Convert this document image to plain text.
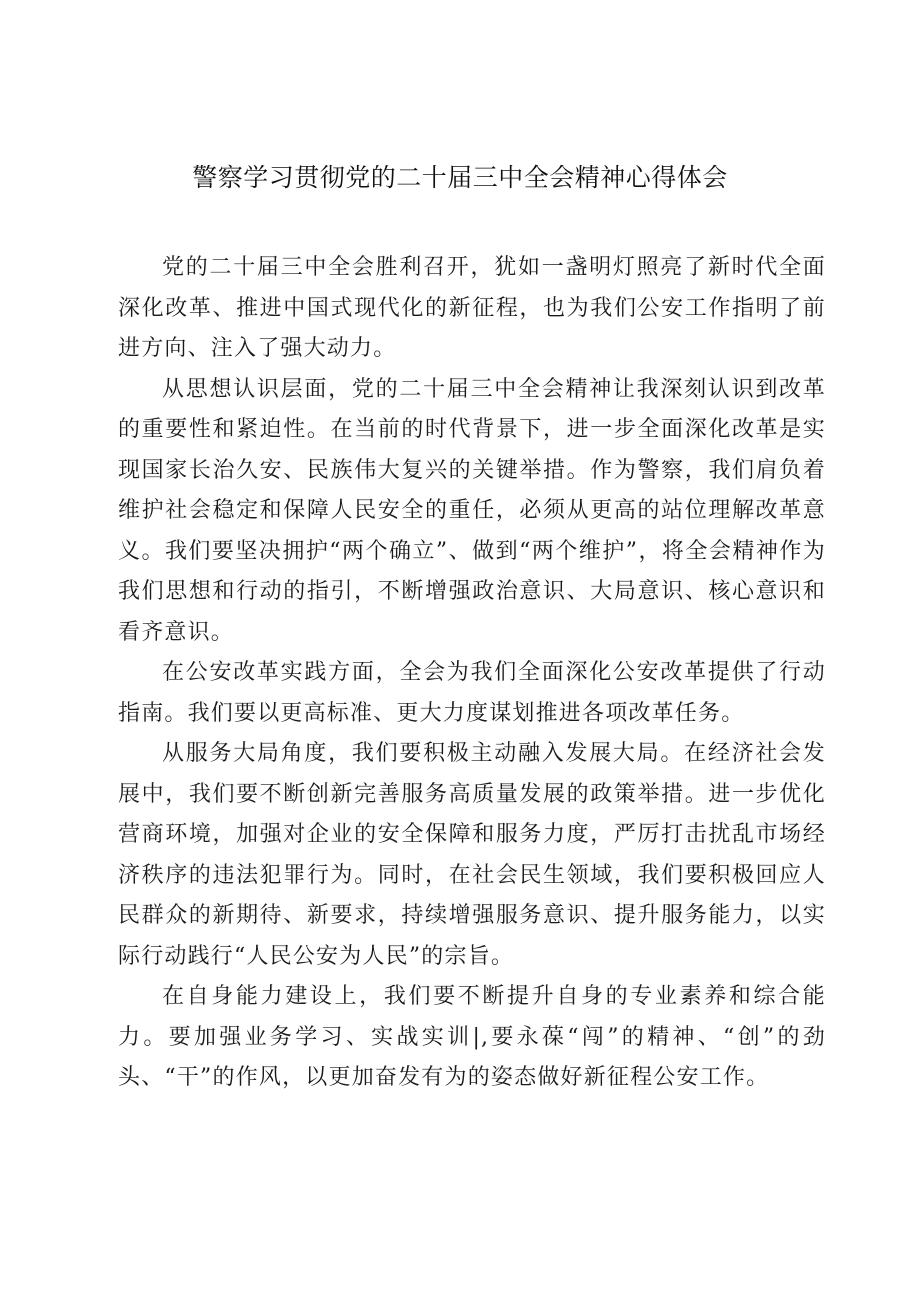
警察学习贯彻党的二十届三中全会精神心得体会

党的二十届三中全会胜利召开，犹如一盏明灯照亮了新时代全面深化改革、推进中国式现代化的新征程，也为我们公安工作指明了前进方向、注入了强大动力。

从思想认识层面，党的二十届三中全会精神让我深刻认识到改革的重要性和紧迫性。在当前的时代背景下，进一步全面深化改革是实现国家长治久安、民族伟大复兴的关键举措。作为警察，我们肩负着维护社会稳定和保障人民安全的重任，必须从更高的站位理解改革意义。我们要坚决拥护“两个确立”、做到“两个维护”，将全会精神作为我们思想和行动的指引，不断增强政治意识、大局意识、核心意识和看齐意识。

在公安改革实践方面，全会为我们全面深化公安改革提供了行动指南。我们要以更高标准、更大力度谋划推进各项改革任务。

从服务大局角度，我们要积极主动融入发展大局。在经济社会发展中，我们要不断创新完善服务高质量发展的政策举措。进一步优化营商环境，加强对企业的安全保障和服务力度，严厉打击扰乱市场经济秩序的违法犯罪行为。同时，在社会民生领域，我们要积极回应人民群众的新期待、新要求，持续增强服务意识、提升服务能力，以实际行动践行“人民公安为人民”的宗旨。

在自身能力建设上，我们要不断提升自身的专业素养和综合能力。要加强业务学习、实战实训|,要永葆“闯”的精神、“创”的劲头、“干”的作风，以更加奋发有为的姿态做好新征程公安工作。
